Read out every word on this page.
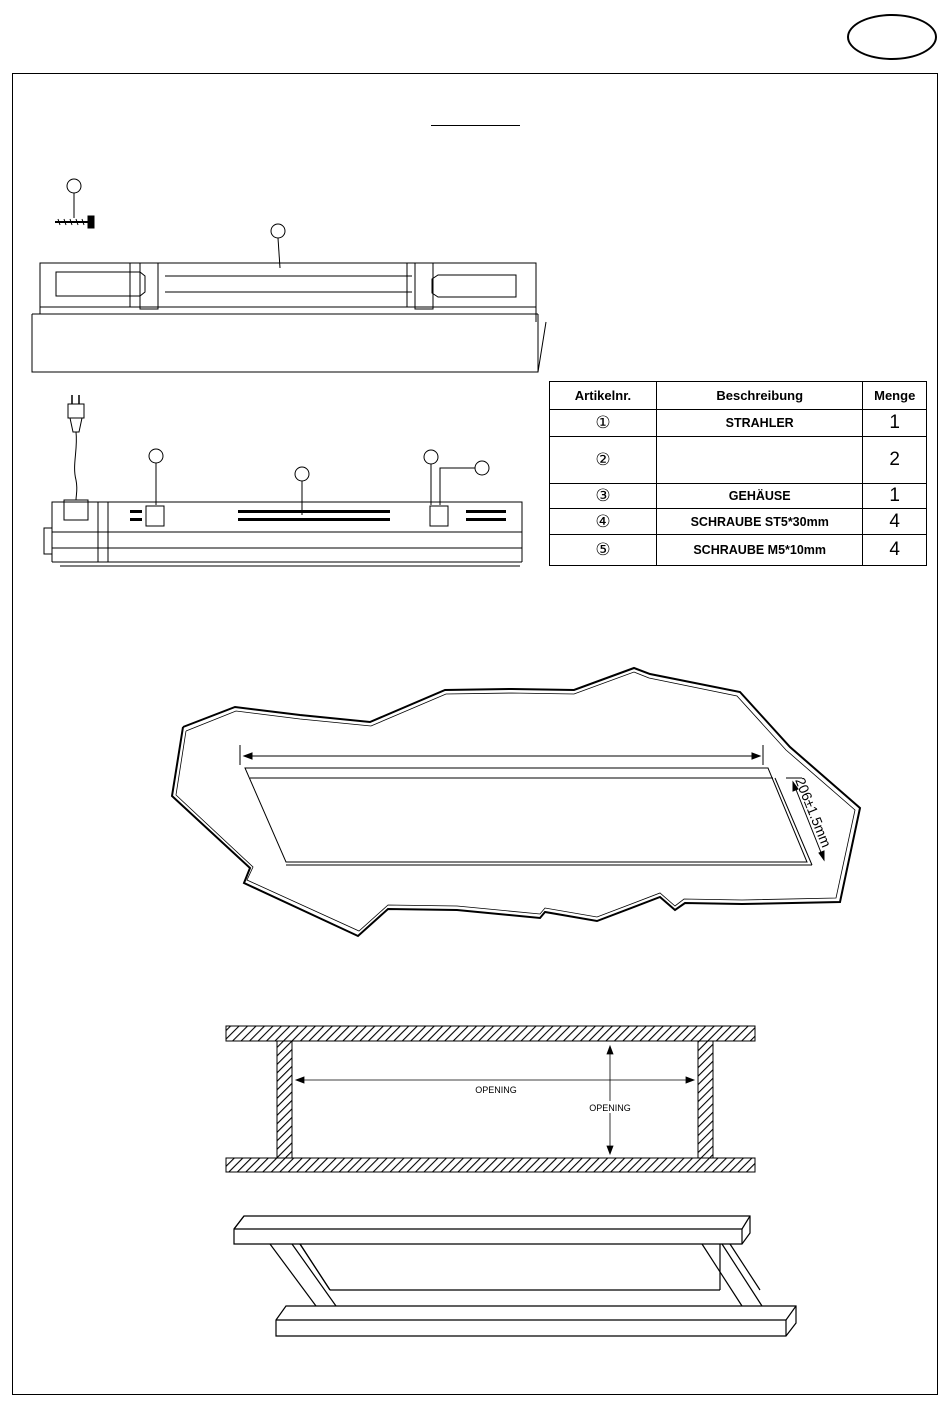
Artikelnr.	Beschreibung	Menge
①	STRAHLER	1
②		2
③	GEHÄUSE	1
④	SCHRAUBE ST5*30mm	4
⑤	SCHRAUBE M5*10mm	4
206±1.5mm
OPENING
OPENING
